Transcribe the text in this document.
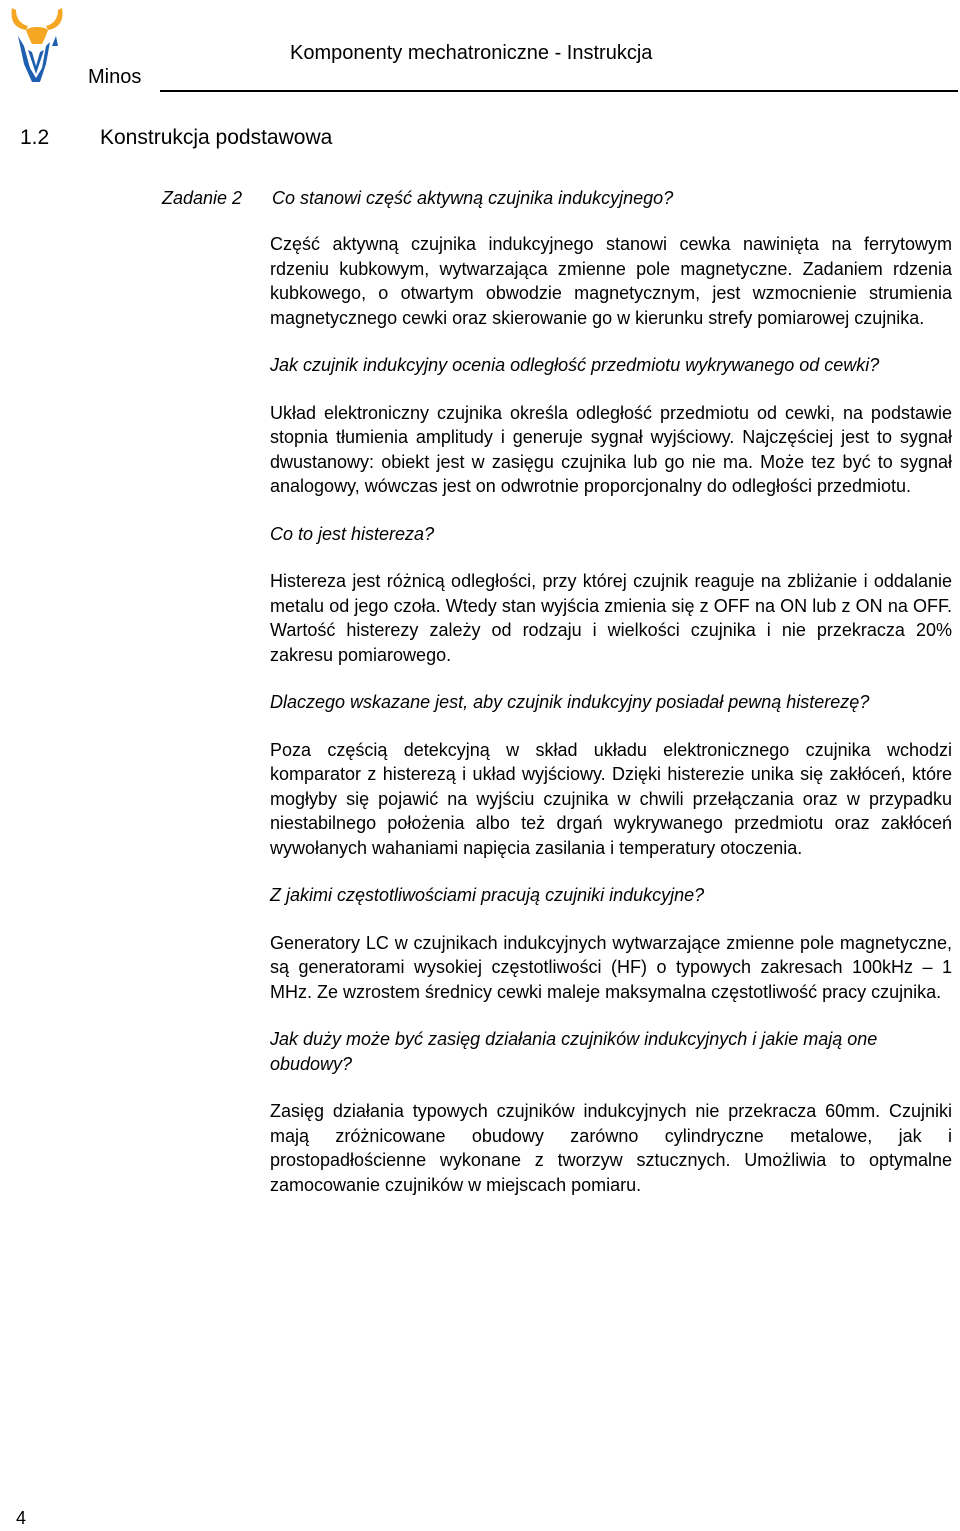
Minos
Komponenty mechatroniczne - Instrukcja
1.2 Konstrukcja podstawowa
Zadanie 2 Co stanowi część aktywną czujnika indukcyjnego?

Część aktywną czujnika indukcyjnego stanowi cewka nawinięta na ferrytowym rdzeniu kubkowym, wytwarzająca zmienne pole magnetyczne. Zadaniem rdzenia kubkowego, o otwartym obwodzie magnetycznym, jest wzmocnienie strumienia magnetycznego cewki oraz skierowanie go w kierunku strefy pomiarowej czujnika.

Jak czujnik indukcyjny ocenia odległość przedmiotu wykrywanego od cewki?

Układ elektroniczny czujnika określa odległość przedmiotu od cewki, na podstawie stopnia tłumienia amplitudy i generuje sygnał wyjściowy. Najczęściej jest to sygnał dwustanowy: obiekt jest w zasięgu czujnika lub go nie ma. Może tez być to sygnał analogowy, wówczas jest on odwrotnie proporcjonalny do odległości przedmiotu.

Co to jest histereza?

Histereza jest różnicą odległości, przy której czujnik reaguje na zbliżanie i oddalanie metalu od jego czoła. Wtedy stan wyjścia zmienia się z OFF na ON lub z ON na OFF. Wartość histerezy zależy od rodzaju i wielkości czujnika i nie przekracza 20% zakresu pomiarowego.

Dlaczego wskazane jest, aby czujnik indukcyjny posiadał pewną histerezę?

Poza częścią detekcyjną w skład układu elektronicznego czujnika wchodzi komparator z histerezą i układ wyjściowy. Dzięki histerezie unika się zakłóceń, które mogłyby się pojawić na wyjściu czujnika w chwili przełączania oraz w przypadku niestabilnego położenia albo też drgań wykrywanego przedmiotu oraz zakłóceń wywołanych wahaniami napięcia zasilania i temperatury otoczenia.

Z jakimi częstotliwościami pracują czujniki indukcyjne?

Generatory LC w czujnikach indukcyjnych wytwarzające zmienne pole magnetyczne, są generatorami wysokiej częstotliwości (HF) o typowych zakresach 100kHz – 1 MHz. Ze wzrostem średnicy cewki maleje maksymalna częstotliwość pracy czujnika.

Jak duży może być zasięg działania czujników indukcyjnych i jakie mają one obudowy?

Zasięg działania typowych czujników indukcyjnych nie przekracza 60mm. Czujniki mają zróżnicowane obudowy zarówno cylindryczne metalowe, jak i prostopadłościenne wykonane z tworzyw sztucznych. Umożliwia to optymalne zamocowanie czujników w miejscach pomiaru.

4
